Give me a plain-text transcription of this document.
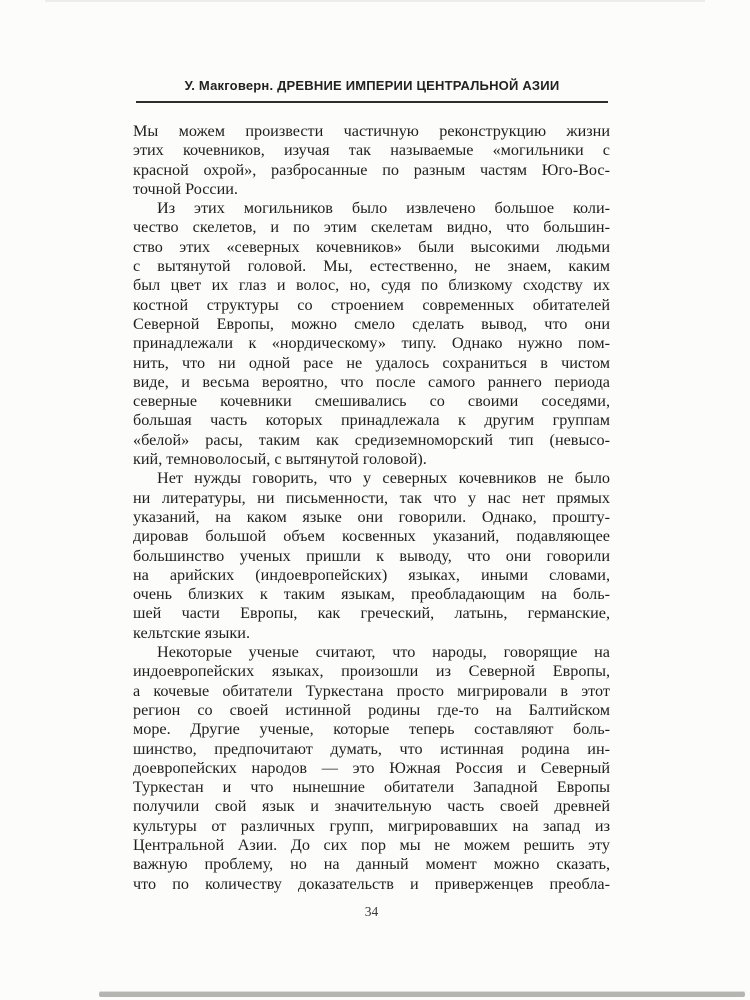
У. Макговерн. ДРЕВНИЕ ИМПЕРИИ ЦЕНТРАЛЬНОЙ АЗИИ
Мы можем произвести частичную реконструкцию жизни
этих кочевников, изучая так называемые «могильники с
красной охрой», разбросанные по разным частям Юго-Вос-
точной России.
Из этих могильников было извлечено большое коли-
чество скелетов, и по этим скелетам видно, что большин-
ство этих «северных кочевников» были высокими людьми
с вытянутой головой. Мы, естественно, не знаем, каким
был цвет их глаз и волос, но, судя по близкому сходству их
костной структуры со строением современных обитателей
Северной Европы, можно смело сделать вывод, что они
принадлежали к «нордическому» типу. Однако нужно пом-
нить, что ни одной расе не удалось сохраниться в чистом
виде, и весьма вероятно, что после самого раннего периода
северные кочевники смешивались со своими соседями,
большая часть которых принадлежала к другим группам
«белой» расы, таким как средиземноморский тип (невысо-
кий, темноволосый, с вытянутой головой).
Нет нужды говорить, что у северных кочевников не было
ни литературы, ни письменности, так что у нас нет прямых
указаний, на каком языке они говорили. Однако, прошту-
дировав большой объем косвенных указаний, подавляющее
большинство ученых пришли к выводу, что они говорили
на арийских (индоевропейских) языках, иными словами,
очень близких к таким языкам, преобладающим на боль-
шей части Европы, как греческий, латынь, германские,
кельтские языки.
Некоторые ученые считают, что народы, говорящие на
индоевропейских языках, произошли из Северной Европы,
а кочевые обитатели Туркестана просто мигрировали в этот
регион со своей истинной родины где-то на Балтийском
море. Другие ученые, которые теперь составляют боль-
шинство, предпочитают думать, что истинная родина ин-
доевропейских народов — это Южная Россия и Северный
Туркестан и что нынешние обитатели Западной Европы
получили свой язык и значительную часть своей древней
культуры от различных групп, мигрировавших на запад из
Центральной Азии. До сих пор мы не можем решить эту
важную проблему, но на данный момент можно сказать,
что по количеству доказательств и приверженцев преобла-
34
